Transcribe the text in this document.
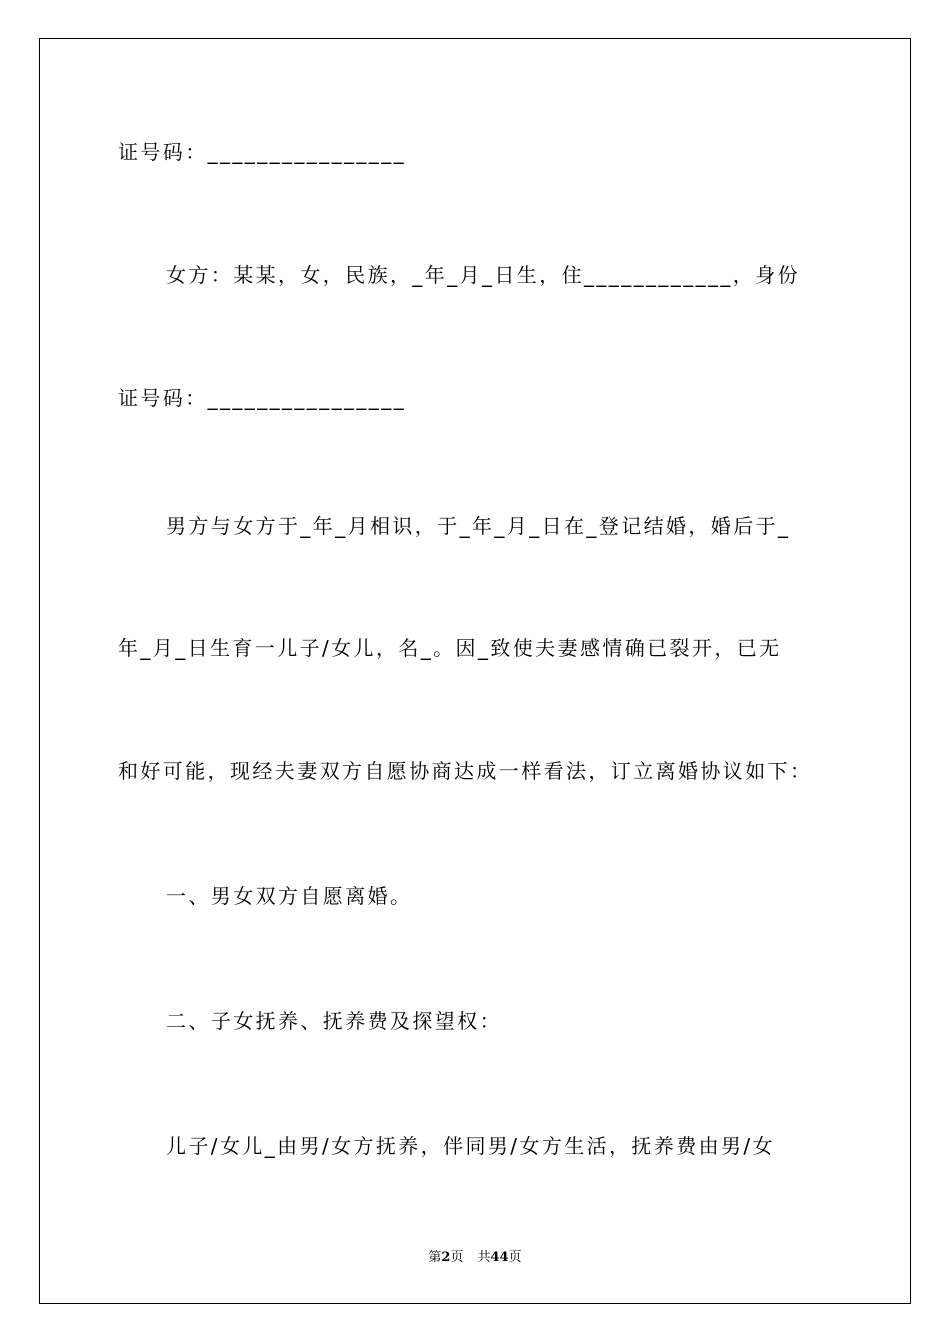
证号码：________________

女方：某某，女，民族，_年_月_日生，住____________，身份

证号码：________________

男方与女方于_年_月相识，于_年_月_日在_登记结婚，婚后于_

年_月_日生育一儿子/女儿，名_。因_致使夫妻感情确已裂开，已无

和好可能，现经夫妻双方自愿协商达成一样看法，订立离婚协议如下：

一、男女双方自愿离婚。

二、子女抚养、抚养费及探望权：

儿子/女儿_由男/女方抚养，伴同男/女方生活，抚养费由男/女

第2页 共44页
